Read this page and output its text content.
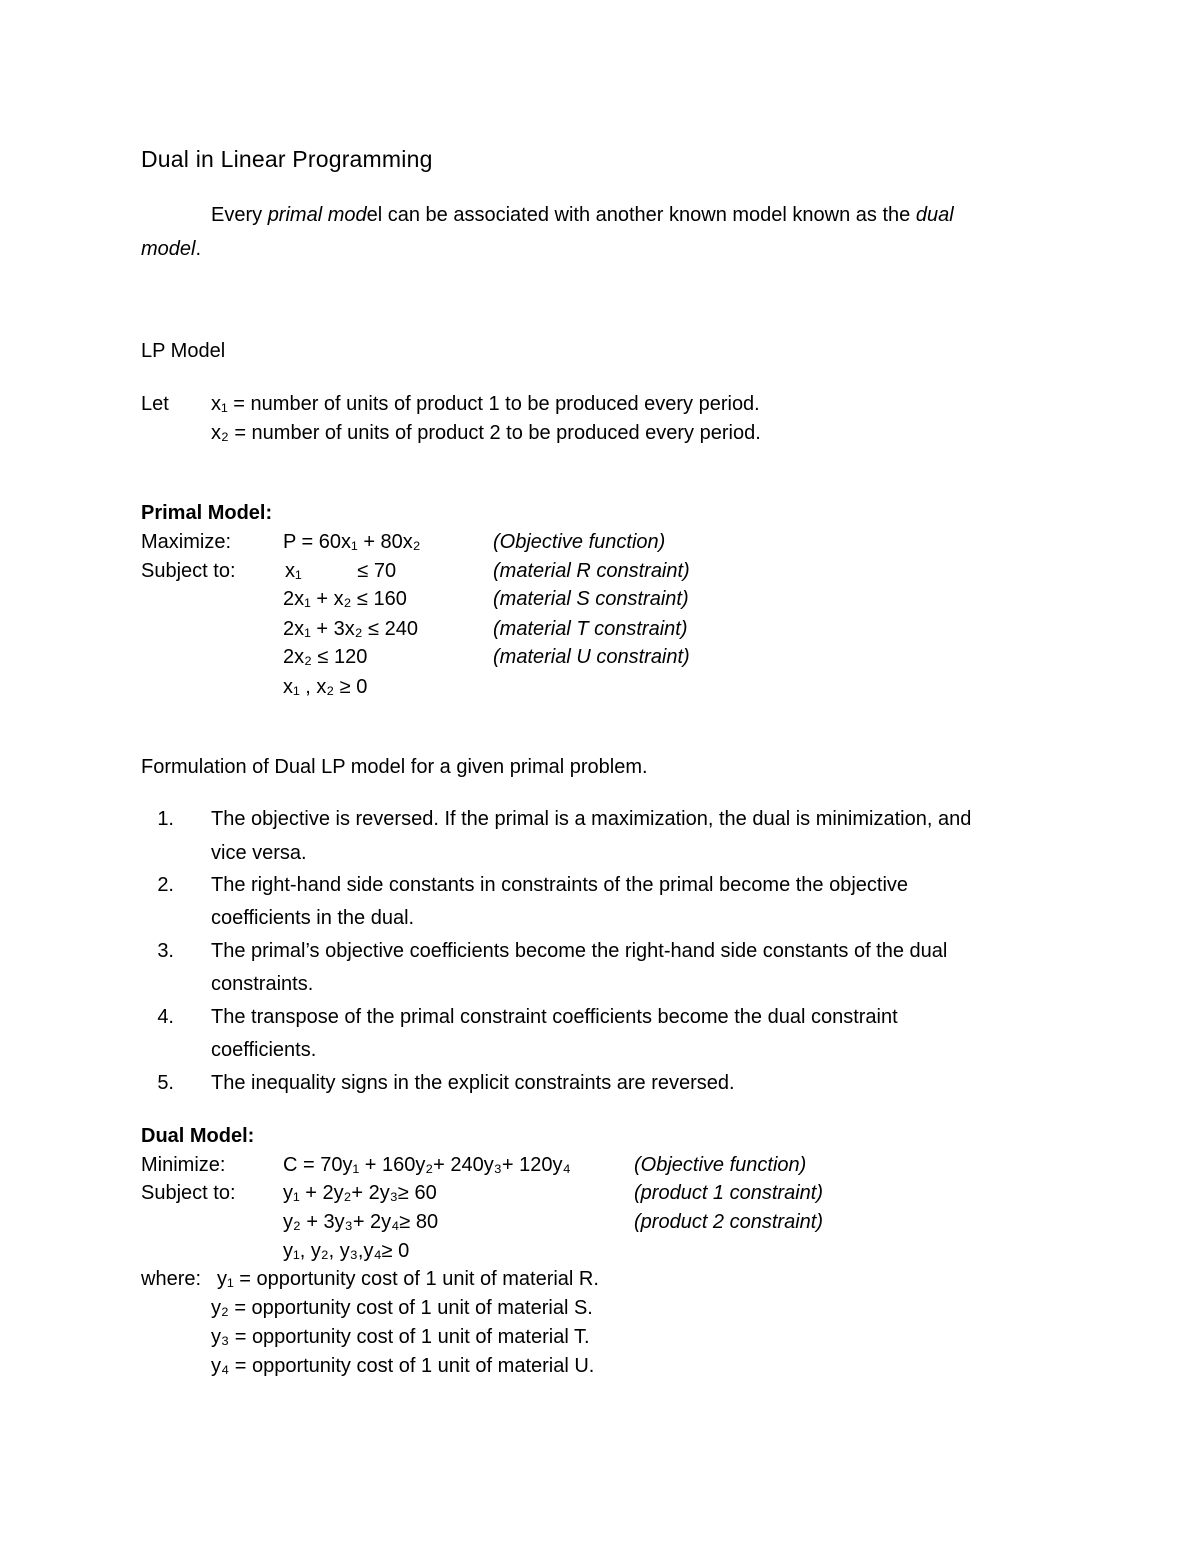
Dual in Linear Programming
Every primal model can be associated with another known model known as the dual
model.
LP Model
Let x₁ = number of units of product 1 to be produced every period.
x₂ = number of units of product 2 to be produced every period.
Primal Model:
Maximize:	P = 60x₁ + 80x₂	(Objective function)
Subject to: x₁          ≤ 70	(material R constraint)
2x₁ + x₂ ≤ 160	(material S constraint)
2x₁ + 3x₂ ≤ 240	(material T constraint)
2x₂ ≤ 120	(material U constraint)
x₁ , x₂ ≥ 0
Formulation of Dual LP model for a given primal problem.
1. The objective is reversed. If the primal is a maximization, the dual is minimization, and
vice versa.
2. The right-hand side constants in constraints of the primal become the objective
coefficients in the dual.
3. The primal’s objective coefficients become the right-hand side constants of the dual
constraints.
4. The transpose of the primal constraint coefficients become the dual constraint
coefficients.
5. The inequality signs in the explicit constraints are reversed.
Dual Model:
Minimize:	C = 70y₁ + 160y₂+ 240y₃+ 120y₄	(Objective function)
Subject to: y₁ + 2y₂+ 2y₃≥ 60	(product 1 constraint)
y₂ + 3y₃+ 2y₄≥ 80	(product 2 constraint)
y₁, y₂, y₃,y₄≥ 0
where: y₁ = opportunity cost of 1 unit of material R.
y₂ = opportunity cost of 1 unit of material S.
y₃ = opportunity cost of 1 unit of material T.
y₄ = opportunity cost of 1 unit of material U.
